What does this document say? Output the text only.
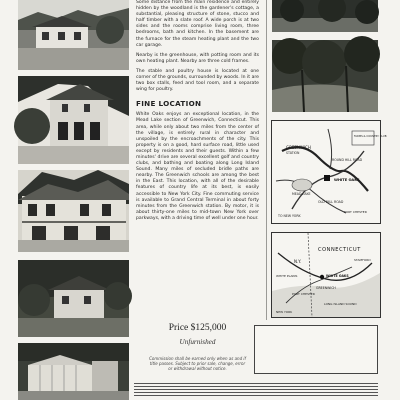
Some distance from the main residence and entirely hidden by the woodland is the gardener's cottage, a substantial, pleasing structure of stone, stucco and half timber with a slate roof. A wide porch is at two sides and the rooms comprise living room, three bedrooms, bath and kitchen. In the basement are the furnace for the steam heating plant and the two car garage.

Nearby is the greenhouse, with potting room and its own heating plant. Nearby are three cold frames.

The stable and poultry house is located at one corner of the grounds, surrounded by woods. In it are two box stalls, feed and tool room, and a separate wing for poultry.

FINE LOCATION

White Oaks enjoys an exceptional location, in the Mead Lake section of Greenwich, Connecticut. This area, while only about two miles from the center of the village, is entirely rural in character and unspoiled by the encroachments of the city. This property is on a good, hard surface road, little used except by residents and their guests. Within a few minutes' drive are several excellent golf and country clubs, and bathing and boating along Long Island Sound. Many miles of secluded bridle paths are nearby. The Greenwich schools are among the best in the East. This location, with all of the desirable features of country life at its best, is easily accessible to New York City. Fine commuting service is available to Grand Central Terminal in about forty minutes from the Greenwich station. By motor, it is about thirty-one miles to mid-town New York over parkways, with a driving time of well under one hour.

Price $125,000
Unfurnished
Commission shall be earned only when as and if title passes. Subject to prior sale, change, error or withdrawal without notice.
GREENWICH
STATION
ROUND HILL ROAD
OLD MILL ROAD
TO NEW YORK
WHITE OAKS
MEAD LAKE
FARMS & COUNTRY CLUB
PORT CHESTER
CONNECTICUT
N.Y.
GREENWICH
WHITE OAKS
PORT CHESTER
LONG ISLAND SOUND
WHITE PLAINS
NEW YORK
STAMFORD
